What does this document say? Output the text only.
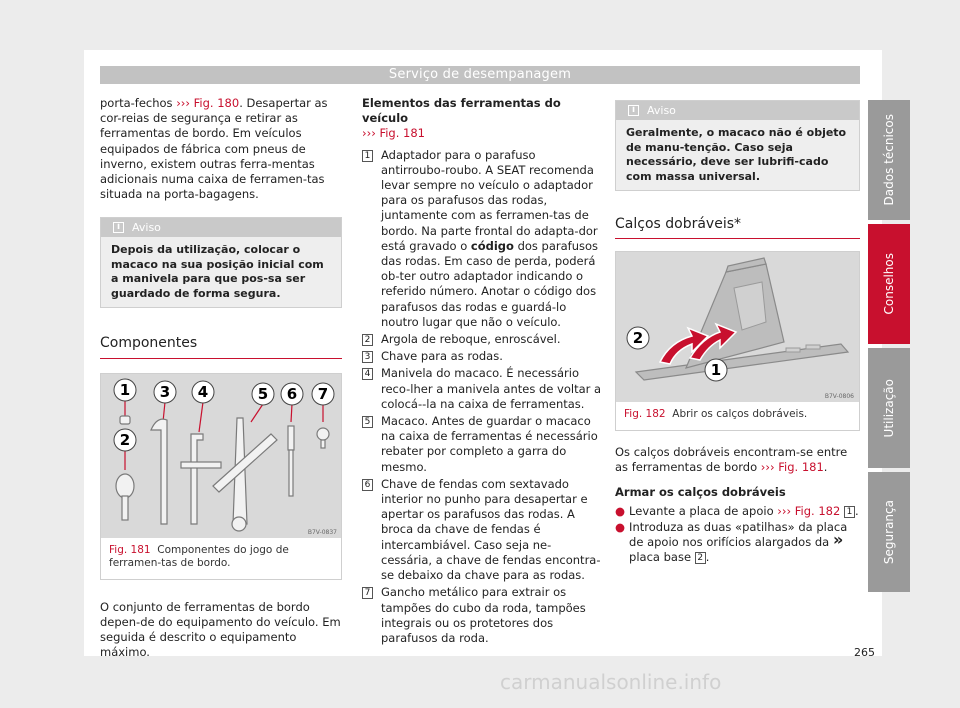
Serviço de desempanagem

porta-fechos ››› Fig. 180. Desapertar as cor-reias de segurança e retirar as ferramentas de bordo. Em veículos equipados de fábrica com pneus de inverno, existem outras ferra-mentas adicionais numa caixa de ferramen-tas situada na porta-bagagens.

i	Aviso
Depois da utilização, colocar o macaco na sua posição inicial com a manivela para que pos-sa ser guardado de forma segura.
Componentes
1
2
3 4	5 6 7
B7V-0837
Fig. 181 Componentes do jogo de ferramen-tas de bordo.

O conjunto de ferramentas de bordo depen-de do equipamento do veículo. Em seguida é descrito o equipamento máximo.

Elementos das ferramentas do veículo

››› Fig. 181

1 Adaptador para o parafuso antirroubo-roubo. A SEAT recomenda levar sempre no veículo o adaptador para os parafusos das rodas, juntamente com as ferramen-tas de bordo. Na parte frontal do adapta-dor está gravado o código dos parafusos das rodas. Em caso de perda, poderá ob-ter outro adaptador indicando o referido número. Anotar o código dos parafusos das rodas e guardá-lo noutro lugar que não o veículo.
2 Argola de reboque, enroscável.
3 Chave para as rodas.
4 Manivela do macaco. É necessário reco-lher a manivela antes de voltar a colocá--la na caixa de ferramentas.
5 Macaco. Antes de guardar o macaco na caixa de ferramentas é necessário rebater por completo a garra do mesmo.
6 Chave de fendas com sextavado interior no punho para desapertar e apertar os parafusos das rodas. A broca da chave de fendas é intercambiável. Caso seja ne-cessária, a chave de fendas encontra-se debaixo da chave para as rodas.
7 Gancho metálico para extrair os tampões do cubo da roda, tampões integrais ou os protetores dos parafusos da roda.
i	Aviso
Geralmente, o macaco não é objeto de manu-tenção. Caso seja necessário, deve ser lubrifi-cado com massa universal.
Calços dobráveis*
2
1
B7V-0806
Fig. 182 Abrir os calços dobráveis.

Os calços dobráveis encontram-se entre as ferramentas de bordo ››› Fig. 181.

Armar os calços dobráveis

● Levante a placa de apoio ››› Fig. 182 1 .
● Introduza as duas «patilhas» da placa de apoio nos orifícios alargados da placa base 2 .
»
Dados técnicos
Conselhos
Utilização
Segurança
265
carmanualsonline.info
